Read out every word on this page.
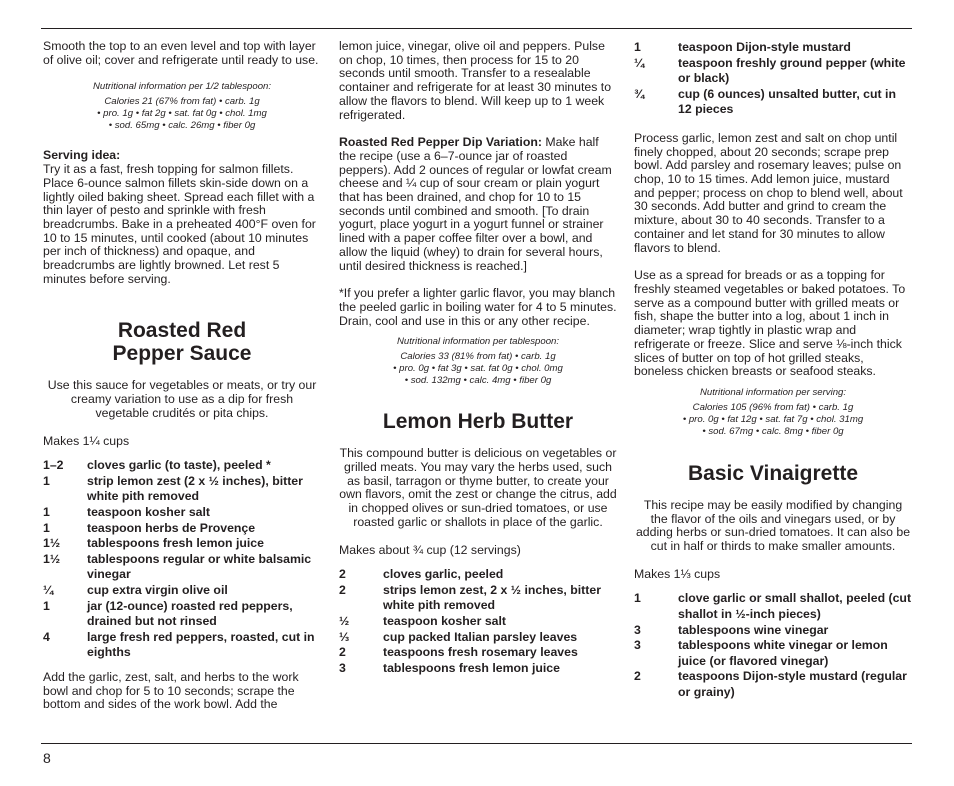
Smooth the top to an even level and top with layer of olive oil; cover and refrigerate until ready to use.

Nutritional information per 1/2 tablespoon:
Calories 21 (67% from fat) • carb. 1g
• pro. 1g • fat 2g • sat. fat 0g • chol. 1mg
• sod. 65mg • calc. 26mg • fiber 0g

Serving idea:

Try it as a fast, fresh topping for salmon fillets. Place 6-ounce salmon fillets skin-side down on a lightly oiled baking sheet. Spread each fillet with a thin layer of pesto and sprinkle with fresh breadcrumbs. Bake in a preheated 400°F oven for 10 to 15 minutes, until cooked (about 10 minutes per inch of thickness) and opaque, and breadcrumbs are lightly browned. Let rest 5 minutes before serving.

Roasted Red
Pepper Sauce

Use this sauce for vegetables or meats, or try our creamy variation to use as a dip for fresh vegetable crudités or pita chips.

Makes 1¼ cups

1–2	cloves garlic (to taste), peeled *
1	strip lemon zest (2 x ½ inches), bitter white pith removed
1	teaspoon kosher salt
1	teaspoon herbs de Provençe
1½	tablespoons fresh lemon juice
1½	tablespoons regular or white balsamic vinegar
¼	cup extra virgin olive oil
1	jar (12-ounce) roasted red peppers, drained but not rinsed
4	large fresh red peppers, roasted, cut in eighths

Add the garlic, zest, salt, and herbs to the work bowl and chop for 5 to 10 seconds; scrape the bottom and sides of the work bowl. Add the

lemon juice, vinegar, olive oil and peppers. Pulse on chop, 10 times, then process for 15 to 20 seconds until smooth. Transfer to a resealable container and refrigerate for at least 30 minutes to allow the flavors to blend. Will keep up to 1 week refrigerated.

Roasted Red Pepper Dip Variation: Make half the recipe (use a 6–7-ounce jar of roasted peppers). Add 2 ounces of regular or lowfat cream cheese and ¼ cup of sour cream or plain yogurt that has been drained, and chop for 10 to 15 seconds until combined and smooth. [To drain yogurt, place yogurt in a yogurt funnel or strainer lined with a paper coffee filter over a bowl, and allow the liquid (whey) to drain for several hours, until desired thickness is reached.]

*If you prefer a lighter garlic flavor, you may blanch the peeled garlic in boiling water for 4 to 5 minutes. Drain, cool and use in this or any other recipe.

Nutritional information per tablespoon:
Calories 33 (81% from fat) • carb. 1g
• pro. 0g • fat 3g • sat. fat 0g • chol. 0mg
• sod. 132mg • calc. 4mg • fiber 0g
Lemon Herb Butter

This compound butter is delicious on vegetables or grilled meats. You may vary the herbs used, such as basil, tarragon or thyme butter, to create your own flavors, omit the zest or change the citrus, add in chopped olives or sun-dried tomatoes, or use roasted garlic or shallots in place of the garlic.

Makes about ¾ cup (12 servings)

2	cloves garlic, peeled
2	strips lemon zest, 2 x ½ inches, bitter white pith removed
½	teaspoon kosher salt
⅓	cup packed Italian parsley leaves
2	teaspoons fresh rosemary leaves
3	tablespoons fresh lemon juice
1	teaspoon Dijon-style mustard
¼	teaspoon freshly ground pepper (white or black)
¾	cup (6 ounces) unsalted butter, cut in 12 pieces

Process garlic, lemon zest and salt on chop until finely chopped, about 20 seconds; scrape prep bowl. Add parsley and rosemary leaves; pulse on chop, 10 to 15 times. Add lemon juice, mustard and pepper; process on chop to blend well, about 30 seconds. Add butter and grind to cream the mixture, about 30 to 40 seconds. Transfer to a container and let stand for 30 minutes to allow flavors to blend.

Use as a spread for breads or as a topping for freshly steamed vegetables or baked potatoes. To serve as a compound butter with grilled meats or fish, shape the butter into a log, about 1 inch in diameter; wrap tightly in plastic wrap and refrigerate or freeze. Slice and serve ⅛-inch thick slices of butter on top of hot grilled steaks, boneless chicken breasts or seafood steaks.

Nutritional information per serving:
Calories 105 (96% from fat) • carb. 1g
• pro. 0g • fat 12g • sat. fat 7g • chol. 31mg
• sod. 67mg • calc. 8mg • fiber 0g
Basic Vinaigrette

This recipe may be easily modified by changing the flavor of the oils and vinegars used, or by adding herbs or sun-dried tomatoes. It can also be cut in half or thirds to make smaller amounts.

Makes 1⅓ cups

1	clove garlic or small shallot, peeled (cut shallot in ½-inch pieces)
3	tablespoons wine vinegar
3	tablespoons white vinegar or lemon juice (or flavored vinegar)
2	teaspoons Dijon-style mustard (regular or grainy)
8
